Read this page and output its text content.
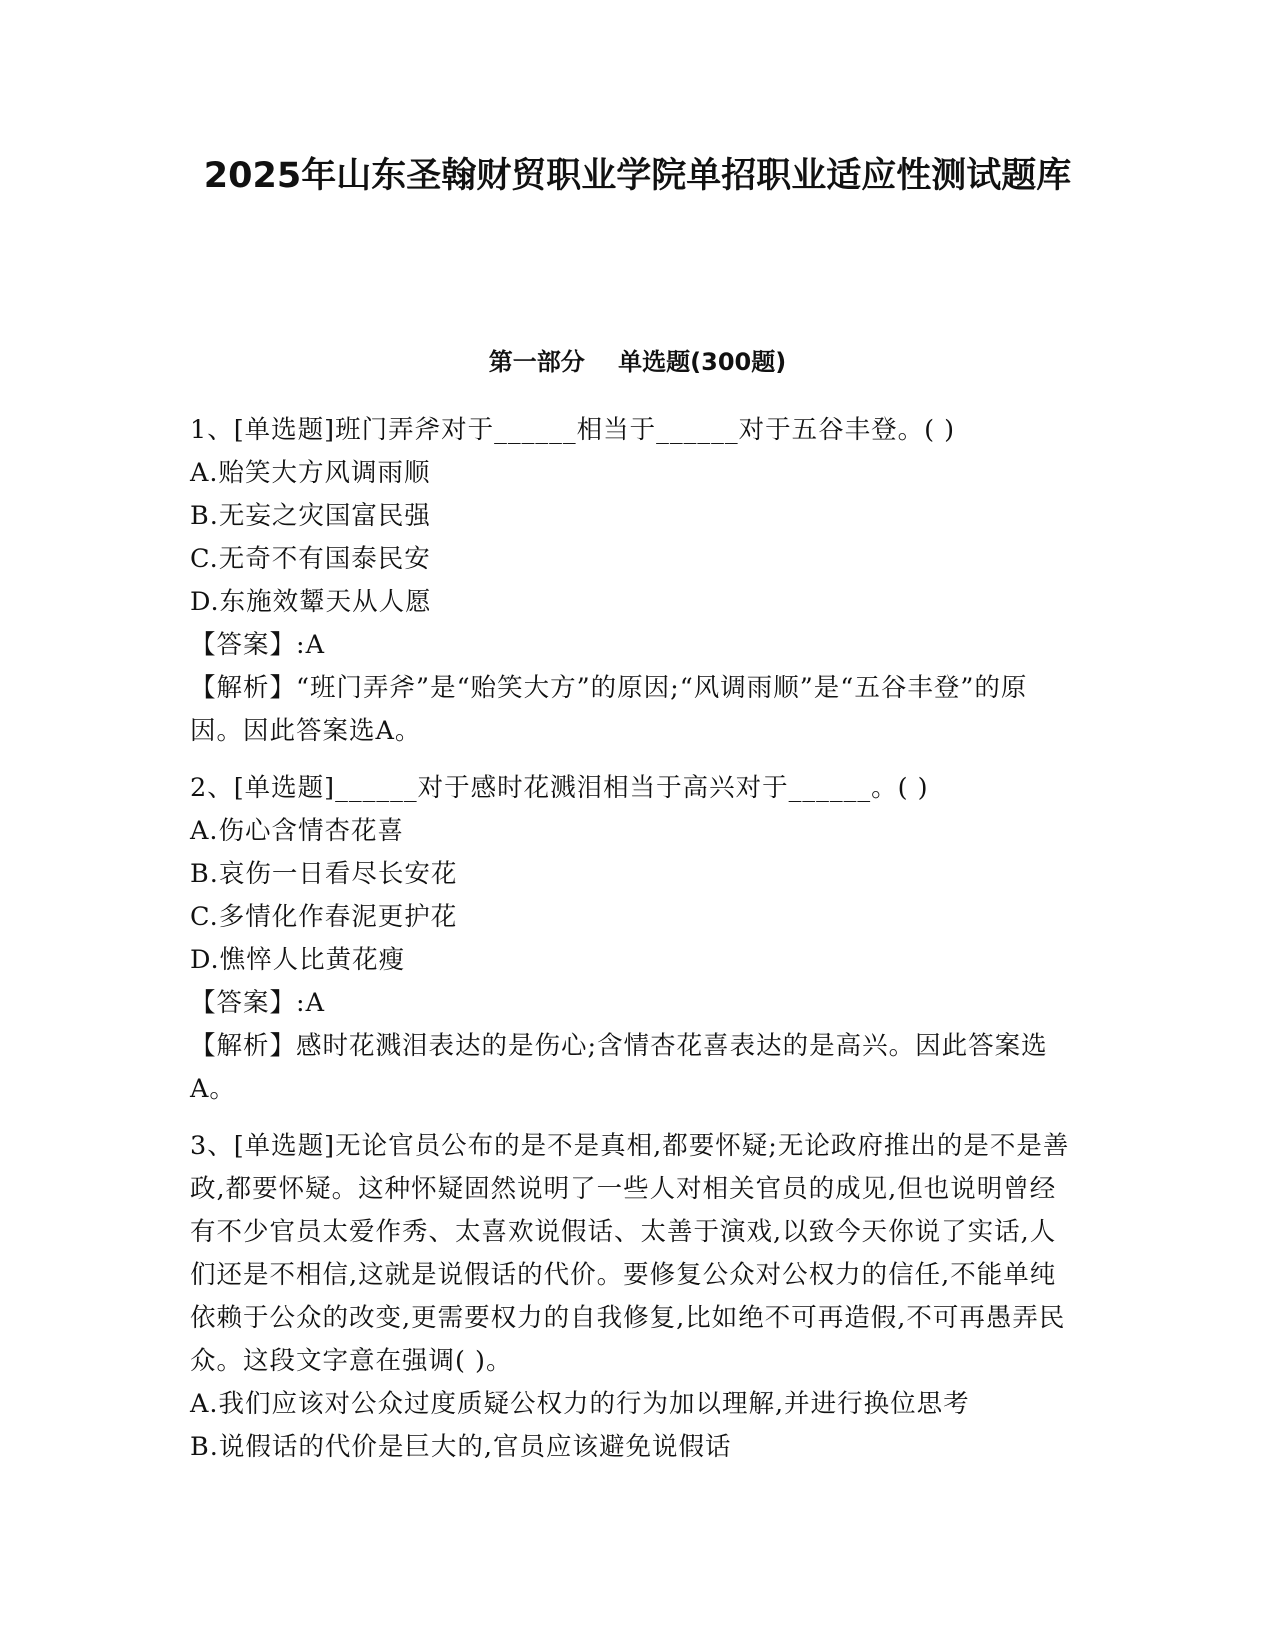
2025年山东圣翰财贸职业学院单招职业适应性测试题库
第一部分    单选题(300题)

1、[单选题]班门弄斧对于______相当于______对于五谷丰登。( )

A.贻笑大方风调雨顺

B.无妄之灾国富民强

C.无奇不有国泰民安

D.东施效颦天从人愿

【答案】:A

【解析】“班门弄斧”是“贻笑大方”的原因;“风调雨顺”是“五谷丰登”的原因。因此答案选A。

2、[单选题]______对于感时花溅泪相当于高兴对于______。( )

A.伤心含情杏花喜

B.哀伤一日看尽长安花

C.多情化作春泥更护花

D.憔悴人比黄花瘦

【答案】:A

【解析】感时花溅泪表达的是伤心;含情杏花喜表达的是高兴。因此答案选A。

3、[单选题]无论官员公布的是不是真相,都要怀疑;无论政府推出的是不是善政,都要怀疑。这种怀疑固然说明了一些人对相关官员的成见,但也说明曾经有不少官员太爱作秀、太喜欢说假话、太善于演戏,以致今天你说了实话,人们还是不相信,这就是说假话的代价。要修复公众对公权力的信任,不能单纯依赖于公众的改变,更需要权力的自我修复,比如绝不可再造假,不可再愚弄民众。这段文字意在强调( )。

A.我们应该对公众过度质疑公权力的行为加以理解,并进行换位思考

B.说假话的代价是巨大的,官员应该避免说假话
